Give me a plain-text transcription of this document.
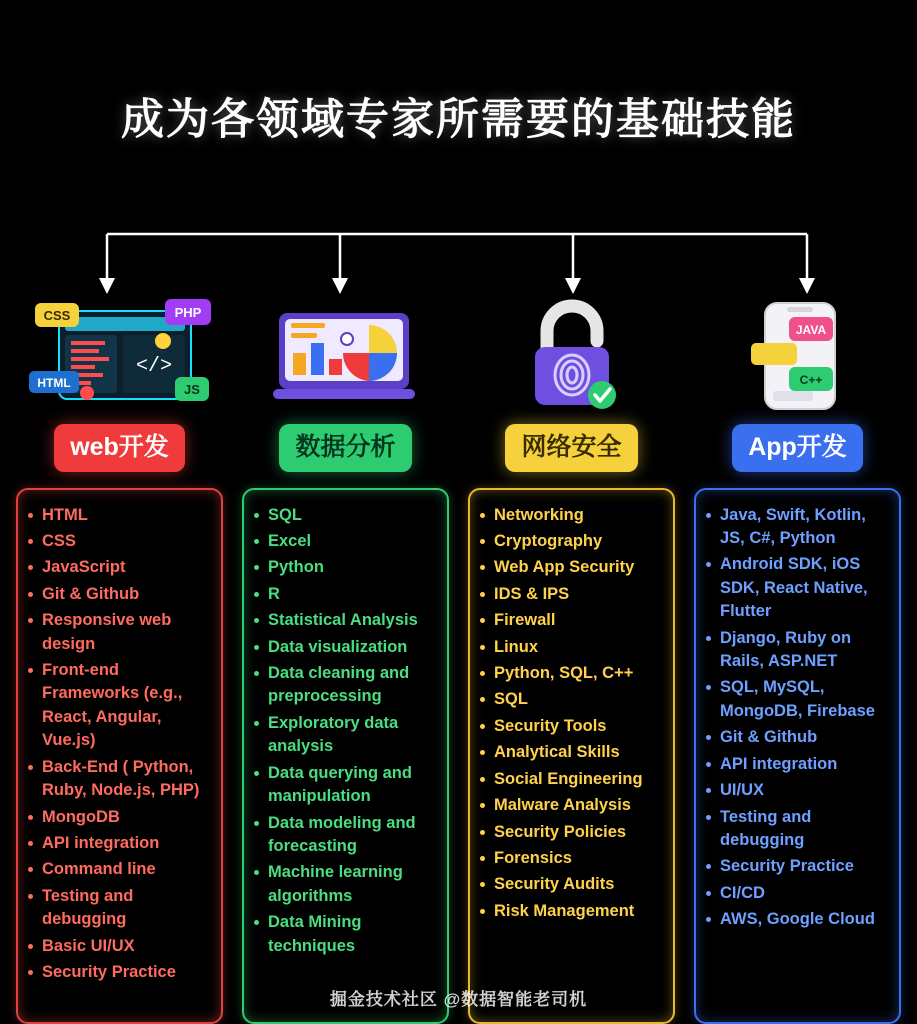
成为各领域专家所需要的基础技能
</>
CSS	PHP
HTML	JS
web开发
HTML
CSS
JavaScript
Git & Github
Responsive web design
Front-end Frameworks (e.g., React, Angular, Vue.js)
Back-End ( Python, Ruby, Node.js, PHP)
MongoDB
API integration
Command line
Testing and debugging
Basic UI/UX
Security Practice
数据分析
SQL
Excel
Python
R
Statistical Analysis
Data visualization
Data cleaning and preprocessing
Exploratory data analysis
Data querying and manipulation
Data modeling and forecasting
Machine learning algorithms
Data Mining techniques
网络安全
Networking
Cryptography
Web App Security
IDS & IPS
Firewall
Linux
Python, SQL, C++
SQL
Security Tools
Analytical Skills
Social Engineering
Malware Analysis
Security Policies
Forensics
Security Audits
Risk Management
JAVA
C++
App开发
Java, Swift, Kotlin, JS, C#, Python
Android SDK, iOS SDK, React Native, Flutter
Django, Ruby on Rails, ASP.NET
SQL, MySQL, MongoDB, Firebase
Git & Github
API integration
UI/UX
Testing and debugging
Security Practice
CI/CD
AWS, Google Cloud
掘金技术社区 @数据智能老司机
